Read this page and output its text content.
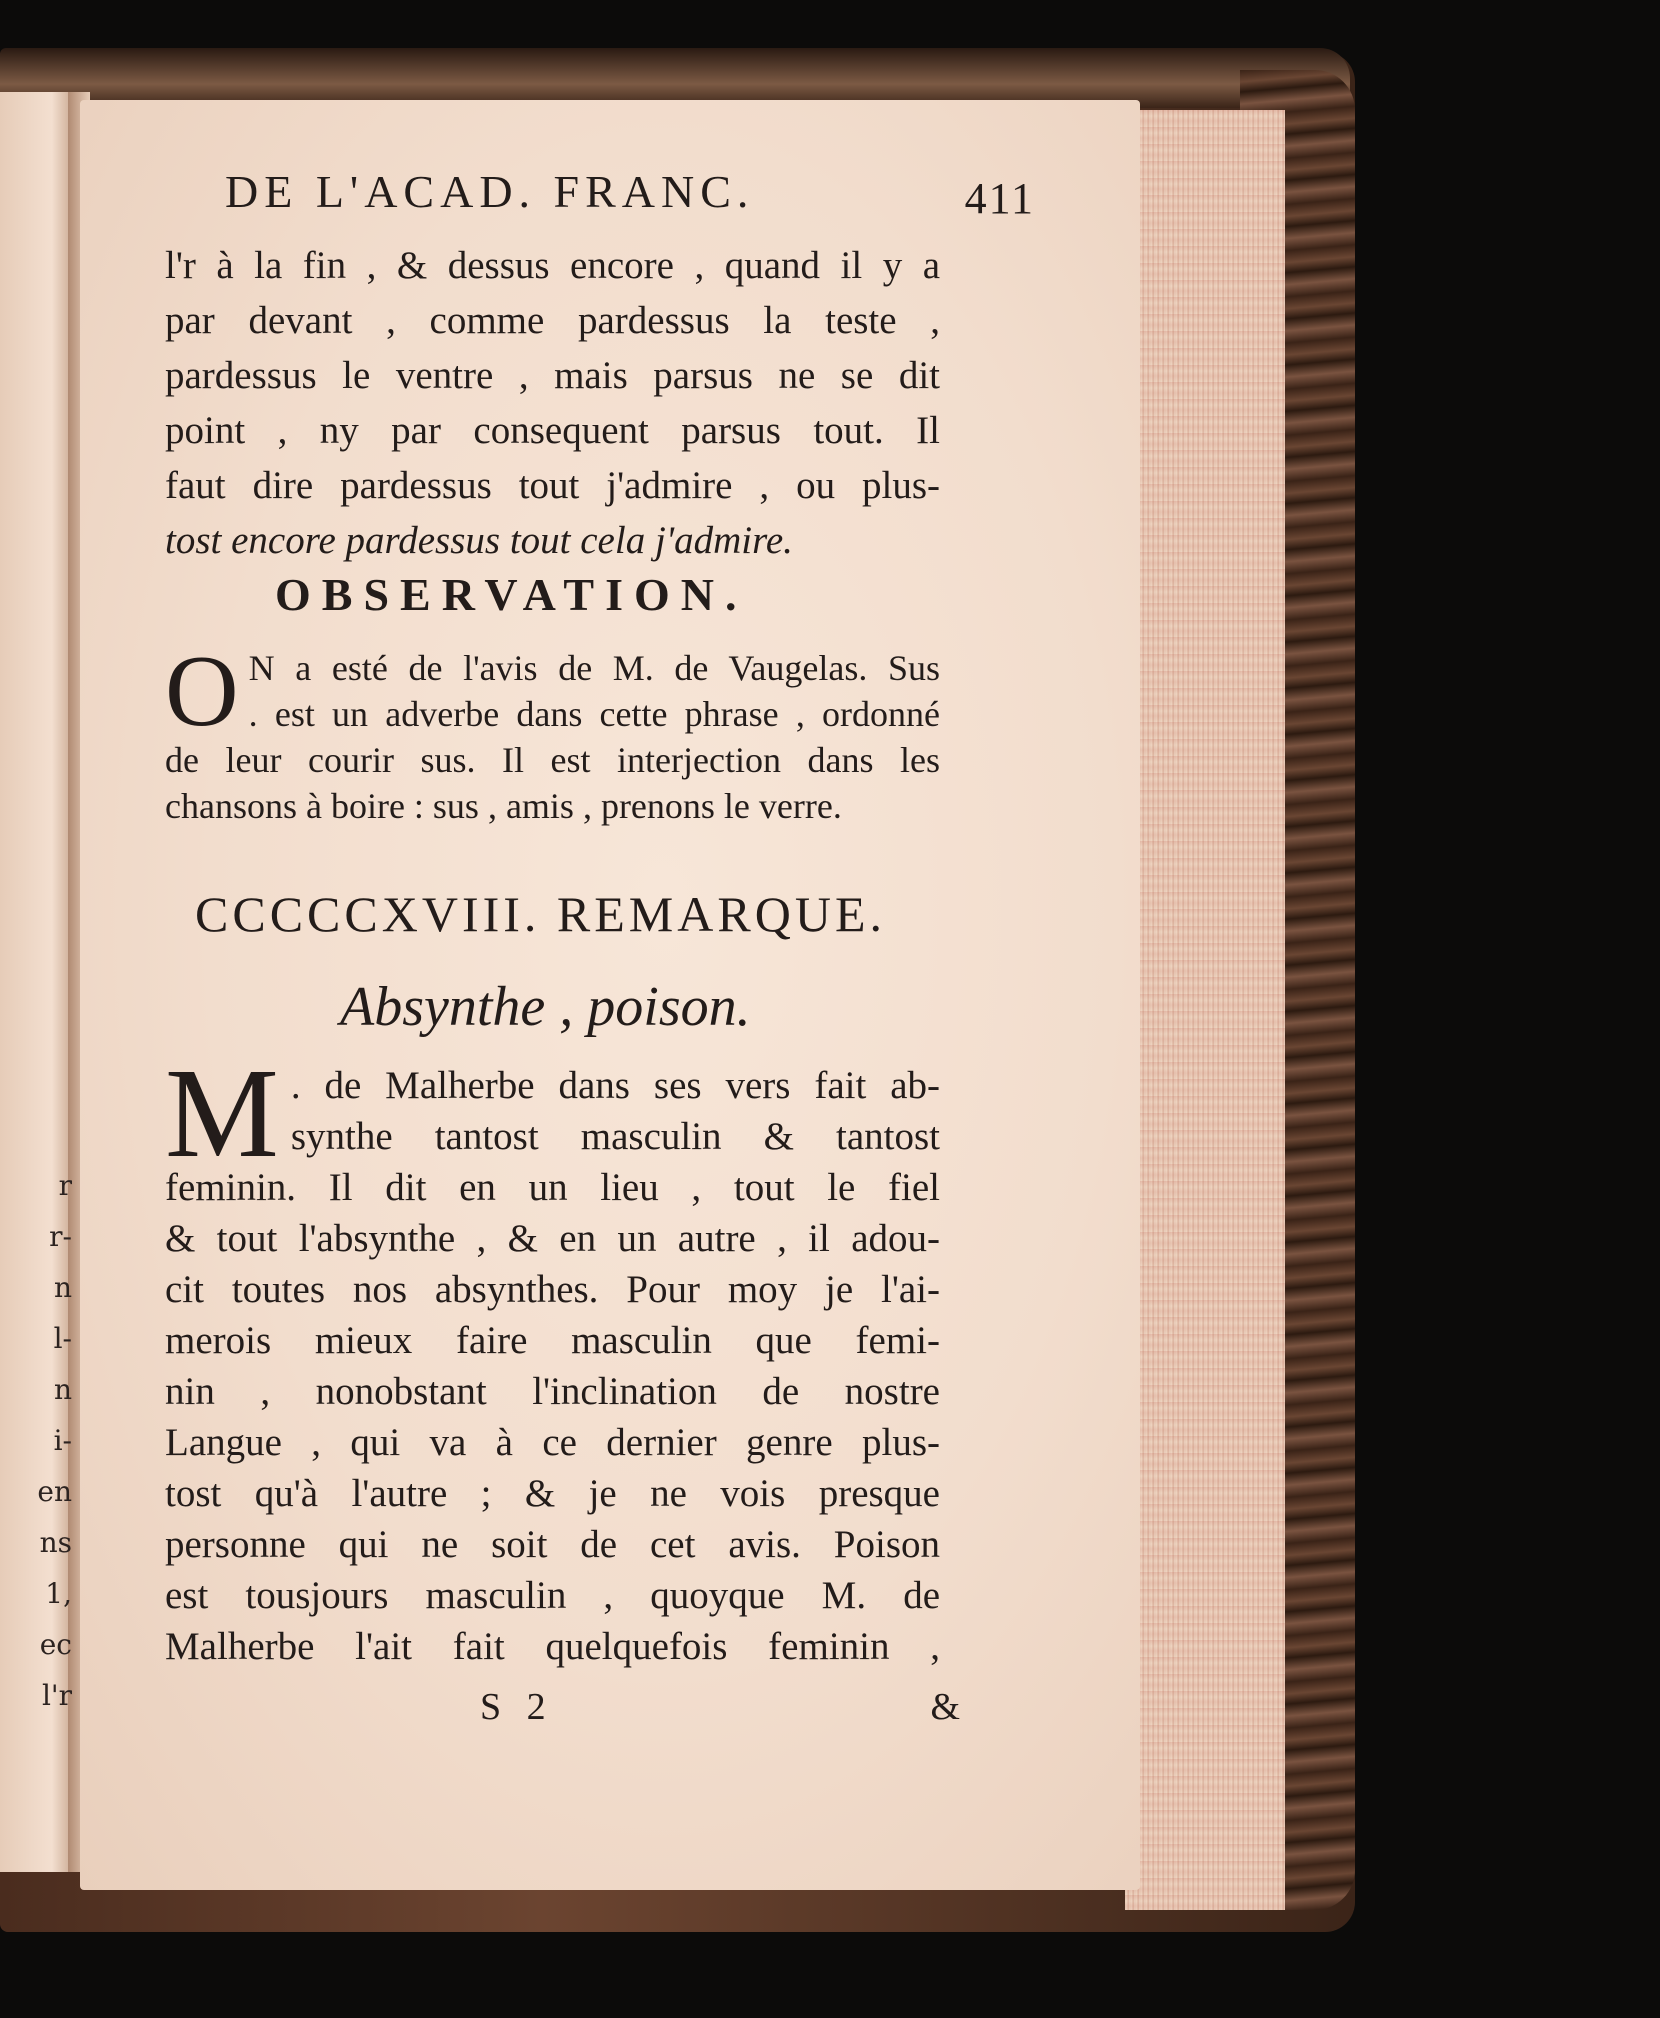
r
r-
n
l-
n
i-
en
ns
1,
ec
l'r
DE L'ACAD. FRANC.	411
l'r à la fin , & dessus encore , quand il y a
par devant , comme pardessus la teste ,
pardessus le ventre , mais parsus ne se dit
point , ny par consequent parsus tout. Il
faut dire pardessus tout j'admire , ou plus-
tost encore pardessus tout cela j'admire.
OBSERVATION.
O N a esté de l'avis de M. de Vaugelas. Sus
. est un adverbe dans cette phrase , ordonné
de leur courir sus. Il est interjection dans les
chansons à boire : sus , amis , prenons le verre.
CCCCCXVIII. REMARQUE.
Absynthe , poison.
M . de Malherbe dans ses vers fait ab-
synthe tantost masculin & tantost
feminin. Il dit en un lieu , tout le fiel
& tout l'absynthe , & en un autre , il adou-
cit toutes nos absynthes. Pour moy je l'ai-
merois mieux faire masculin que femi-
nin , nonobstant l'inclination de nostre
Langue , qui va à ce dernier genre plus-
tost qu'à l'autre ; & je ne vois presque
personne qui ne soit de cet avis. Poison
est tousjours masculin , quoyque M. de
Malherbe l'ait fait quelquefois feminin ,
S 2	&
